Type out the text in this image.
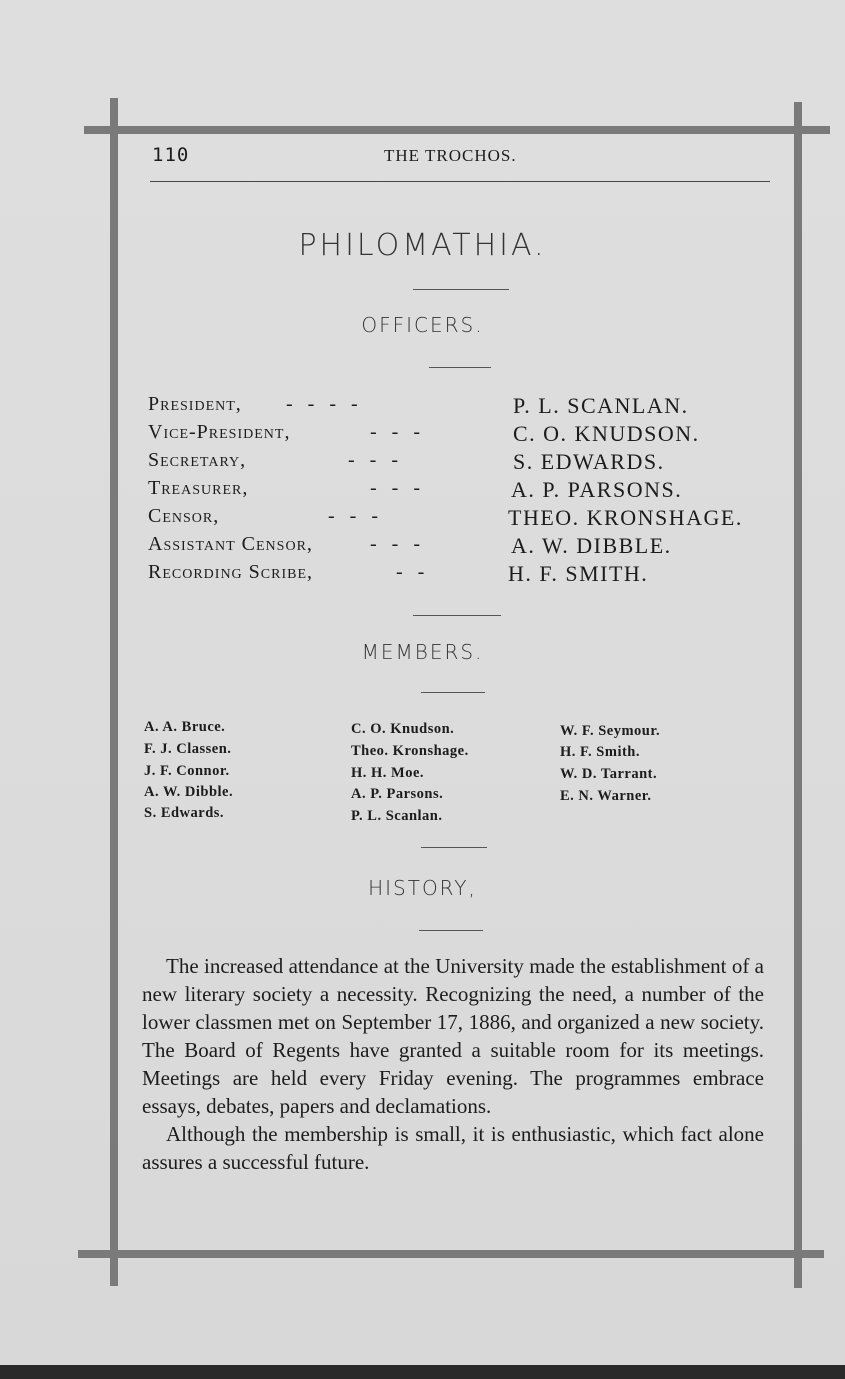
110	THE TROCHOS.
PHILOMATHIA.
OFFICERS.
President, -   -   -   -	P. L. SCANLAN.
Vice-President,	-   -   -	C. O. KNUDSON.
Secretary,	-   -   -	S. EDWARDS.
Treasurer,	-   -   -	A. P. PARSONS.
Censor,	-   -   -	THEO. KRONSHAGE.
Assistant Censor,	-   -   -	A. W. DIBBLE.
Recording Scribe,	-   -	H. F. SMITH.
MEMBERS.
A. A. Bruce.
F. J. Classen.
J. F. Connor.
A. W. Dibble.
S. Edwards.
C. O. Knudson.
Theo. Kronshage.
H. H. Moe.
A. P. Parsons.
P. L. Scanlan.
W. F. Seymour.
H. F. Smith.
W. D. Tarrant.
E. N. Warner.
HISTORY,

The increased attendance at the University made the establishment of a new literary society a necessity. Recognizing the need, a number of the lower classmen met on September 17, 1886, and organized a new society. The Board of Regents have granted a suitable room for its meetings. Meetings are held every Friday evening. The programmes embrace essays, debates, papers and declamations.

Although the membership is small, it is enthusiastic, which fact alone assures a successful future.
